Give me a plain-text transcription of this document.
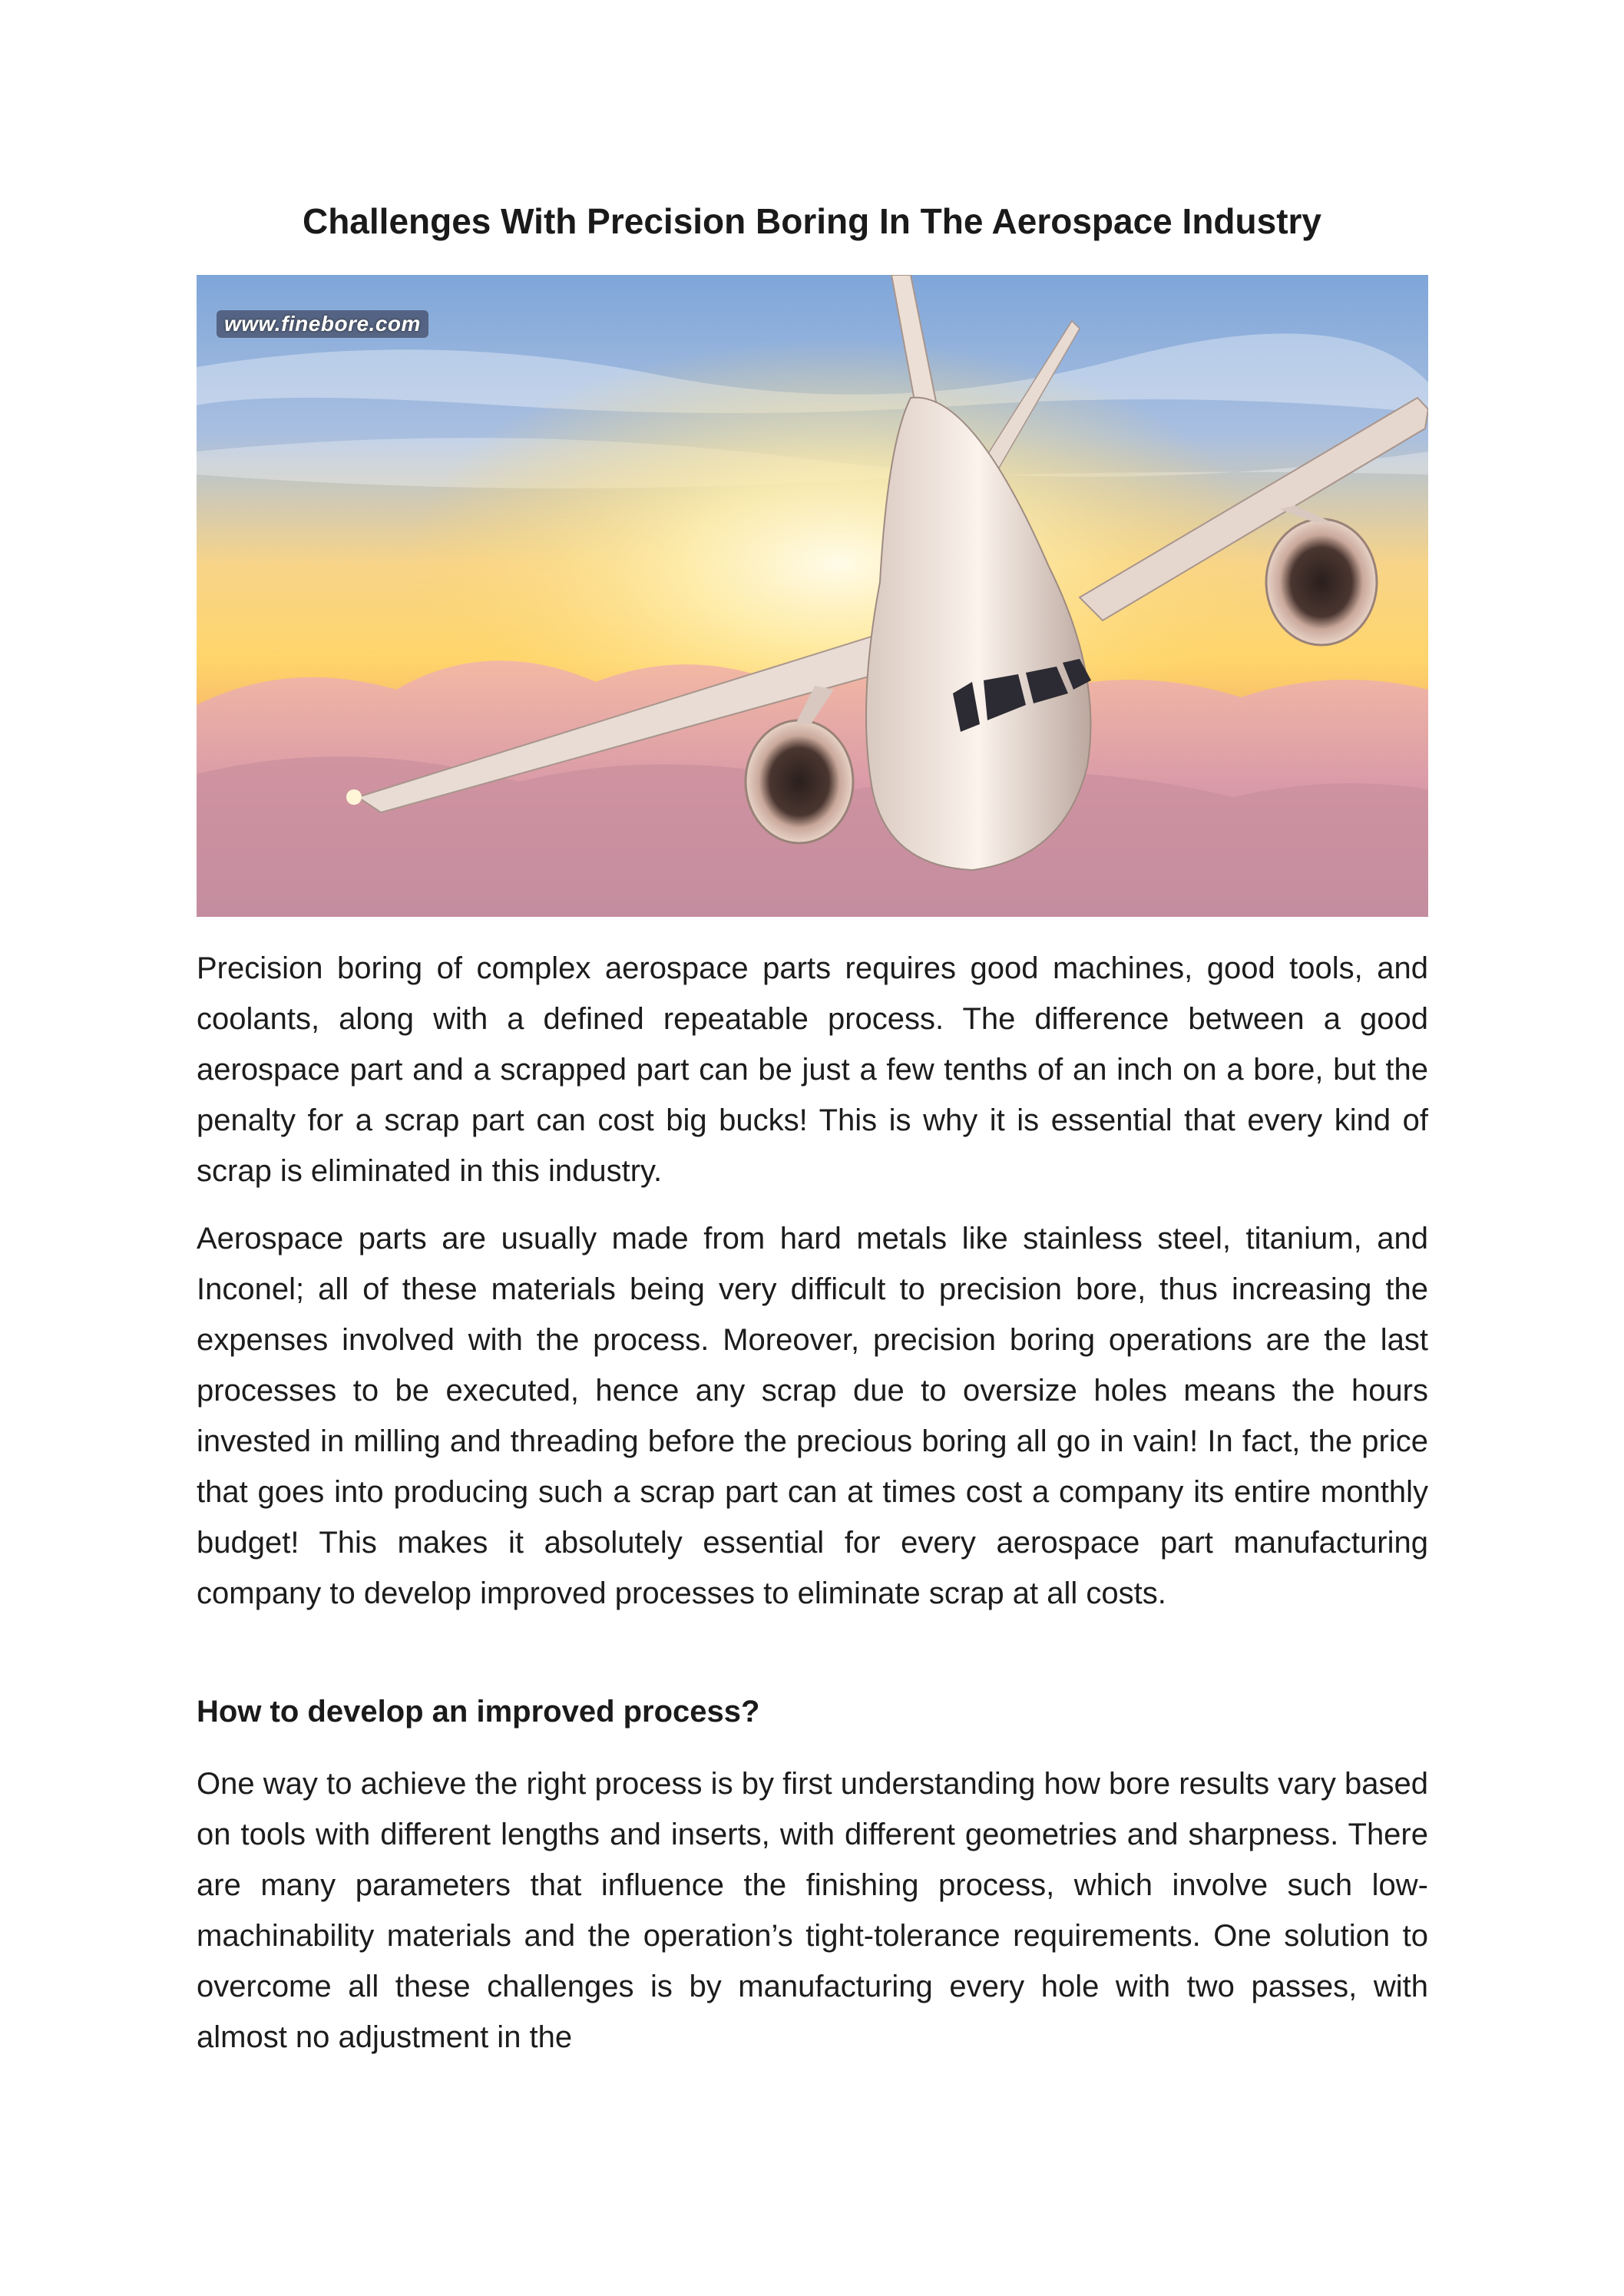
Challenges With Precision Boring In The Aerospace Industry
www.finebore.com

Precision boring of complex aerospace parts requires good machines, good tools, and coolants, along with a defined repeatable process. The difference between a good aerospace part and a scrapped part can be just a few tenths of an inch on a bore, but the penalty for a scrap part can cost big bucks! This is why it is essential that every kind of scrap is eliminated in this industry.

Aerospace parts are usually made from hard metals like stainless steel, titanium, and Inconel; all of these materials being very difficult to precision bore, thus increasing the expenses involved with the process. Moreover, precision boring operations are the last processes to be executed, hence any scrap due to oversize holes means the hours invested in milling and threading before the precious boring all go in vain! In fact, the price that goes into producing such a scrap part can at times cost a company its entire monthly budget! This makes it absolutely essential for every aerospace part manufacturing company to develop improved processes to eliminate scrap at all costs.

How to develop an improved process?

One way to achieve the right process is by first understanding how bore results vary based on tools with different lengths and inserts, with different geometries and sharpness. There are many parameters that influence the finishing process, which involve such low-machinability materials and the operation’s tight-tolerance requirements. One solution to overcome all these challenges is by manufacturing every hole with two passes, with almost no adjustment in the
